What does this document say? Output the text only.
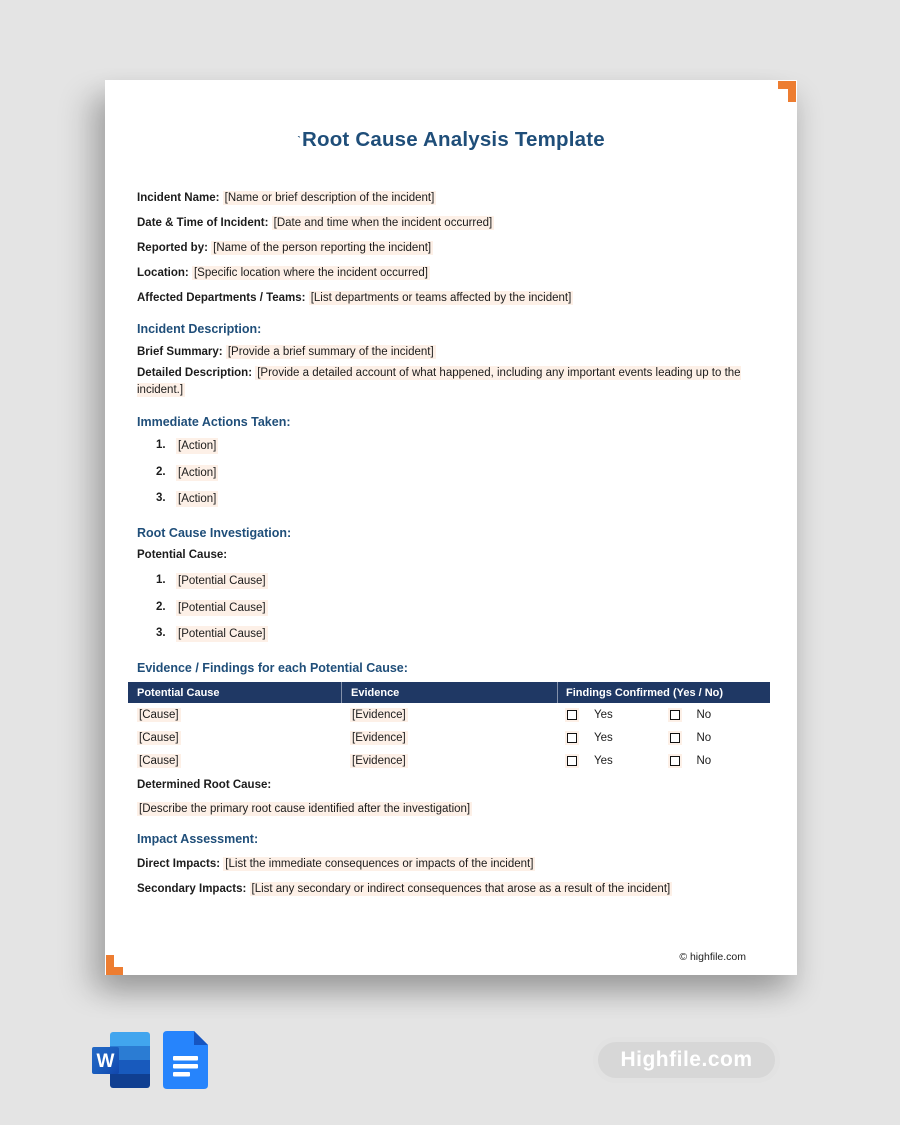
ˋRoot Cause Analysis Template
Incident Name: [Name or brief description of the incident]
Date & Time of Incident: [Date and time when the incident occurred]
Reported by: [Name of the person reporting the incident]
Location: [Specific location where the incident occurred]
Affected Departments / Teams: [List departments or teams affected by the incident]
Incident Description:
Brief Summary: [Provide a brief summary of the incident]
Detailed Description: [Provide a detailed account of what happened, including any important events leading up to the incident.]
Immediate Actions Taken:
1.	[Action]
2.	[Action]
3.	[Action]
Root Cause Investigation:
Potential Cause:
1.	[Potential Cause]
2.	[Potential Cause]
3.	[Potential Cause]
Evidence / Findings for each Potential Cause:
Potential Cause	Evidence	Findings Confirmed (Yes / No)
[Cause]	[Evidence]	Yes	No
[Cause]	[Evidence]	Yes	No
[Cause]	[Evidence]	Yes	No
Determined Root Cause:
[Describe the primary root cause identified after the investigation]
Impact Assessment:
Direct Impacts: [List the immediate consequences or impacts of the incident]
Secondary Impacts: [List any secondary or indirect consequences that arose as a result of the incident]
© highfile.com
W	Highfile.com
